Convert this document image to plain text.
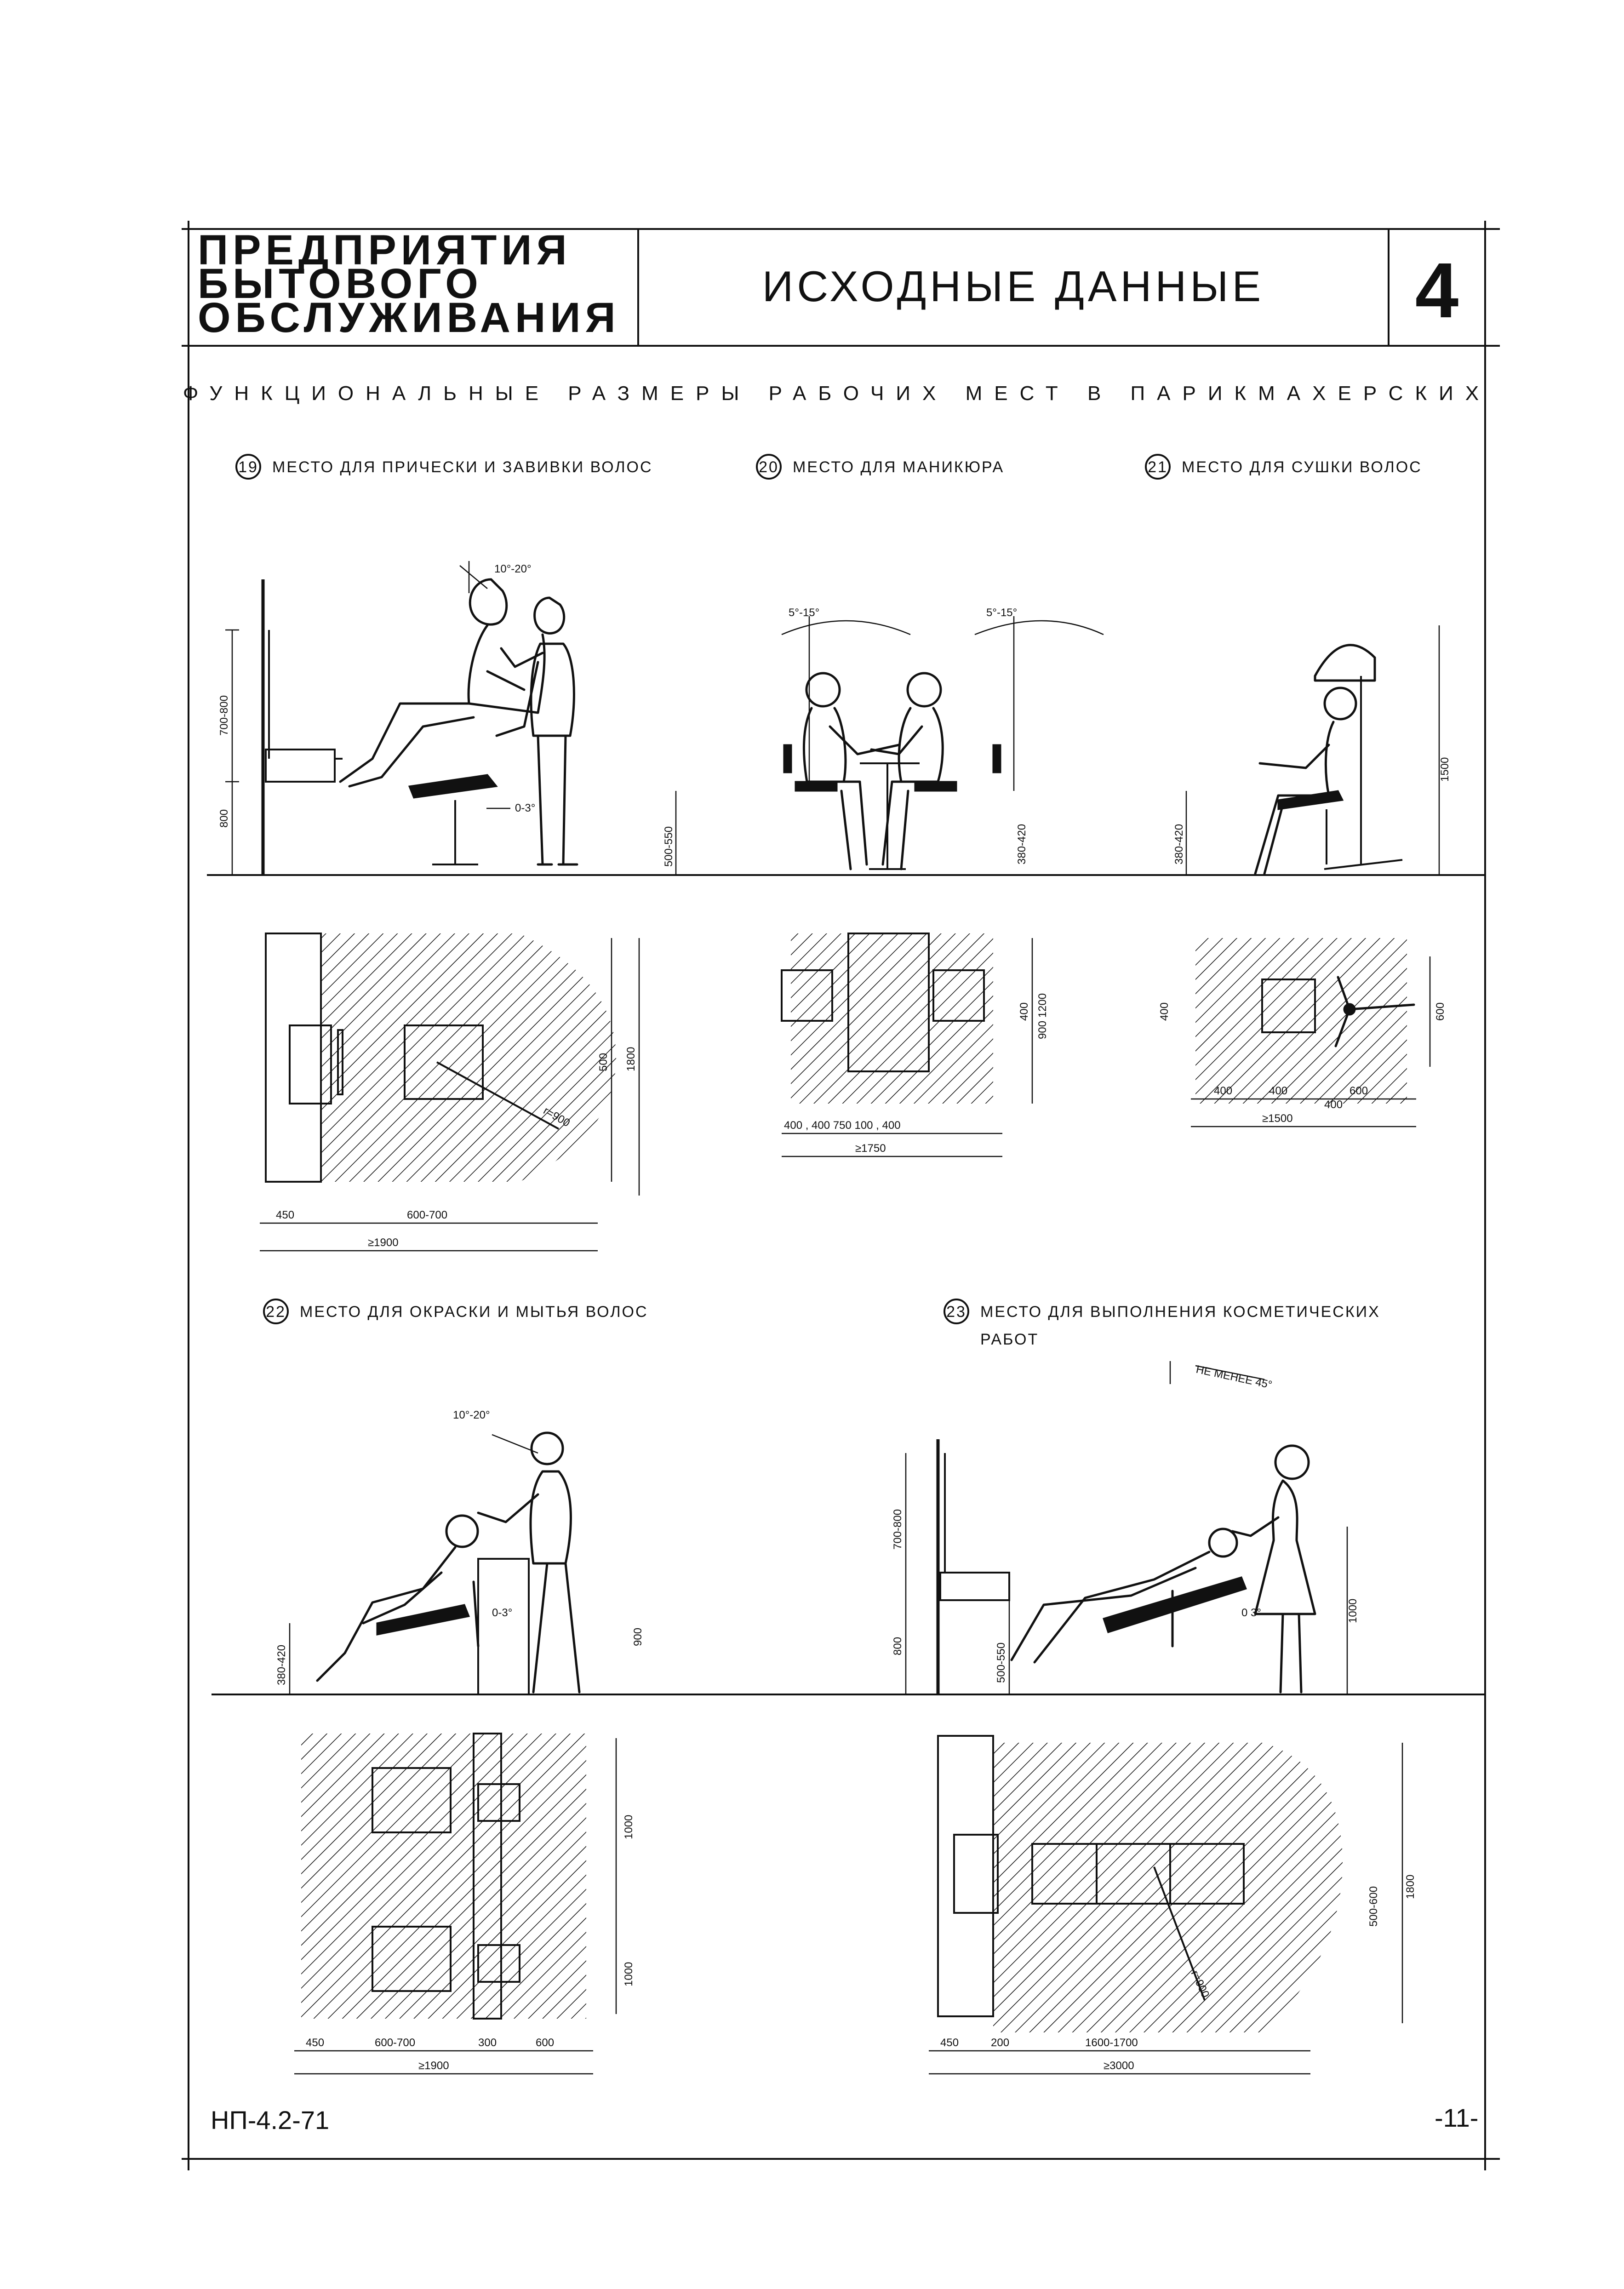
ПРЕДПРИЯТИЯ
БЫТОВОГО
ОБСЛУЖИВАНИЯ
ИСХОДНЫЕ ДАННЫЕ 4
ФУНКЦИОНАЛЬНЫЕ РАЗМЕРЫ РАБОЧИХ МЕСТ В ПАРИКМАХЕРСКИХ
19 МЕСТО ДЛЯ ПРИЧЕСКИ И ЗАВИВКИ ВОЛОС	20 МЕСТО ДЛЯ МАНИКЮРА	21 МЕСТО ДЛЯ СУШКИ ВОЛОС
22 МЕСТО ДЛЯ ОКРАСКИ И МЫТЬЯ ВОЛОС	23 МЕСТО ДЛЯ ВЫПОЛНЕНИЯ КОСМЕТИЧЕСКИХ
РАБОТ
700-800
800
10°-20°
0-3°
500-550
5°-15°	5°-15°
380-420	380-420
1500
r=900
450	600-700
≥1900
500 1800
400 , 400 750 100 , 400
≥1750
400 900 1200
400	400	600
400
≥1500
400	600
10°-20°
380-420
0-3°
900
НЕ МЕНЕЕ 45°
700-800
800	500-550
0 3°	1000
450	600-700	300	600
≥1900
1000
1000	r=900
450	200	1600-1700
≥3000
500-600 1800
НП-4.2-71	-11-
